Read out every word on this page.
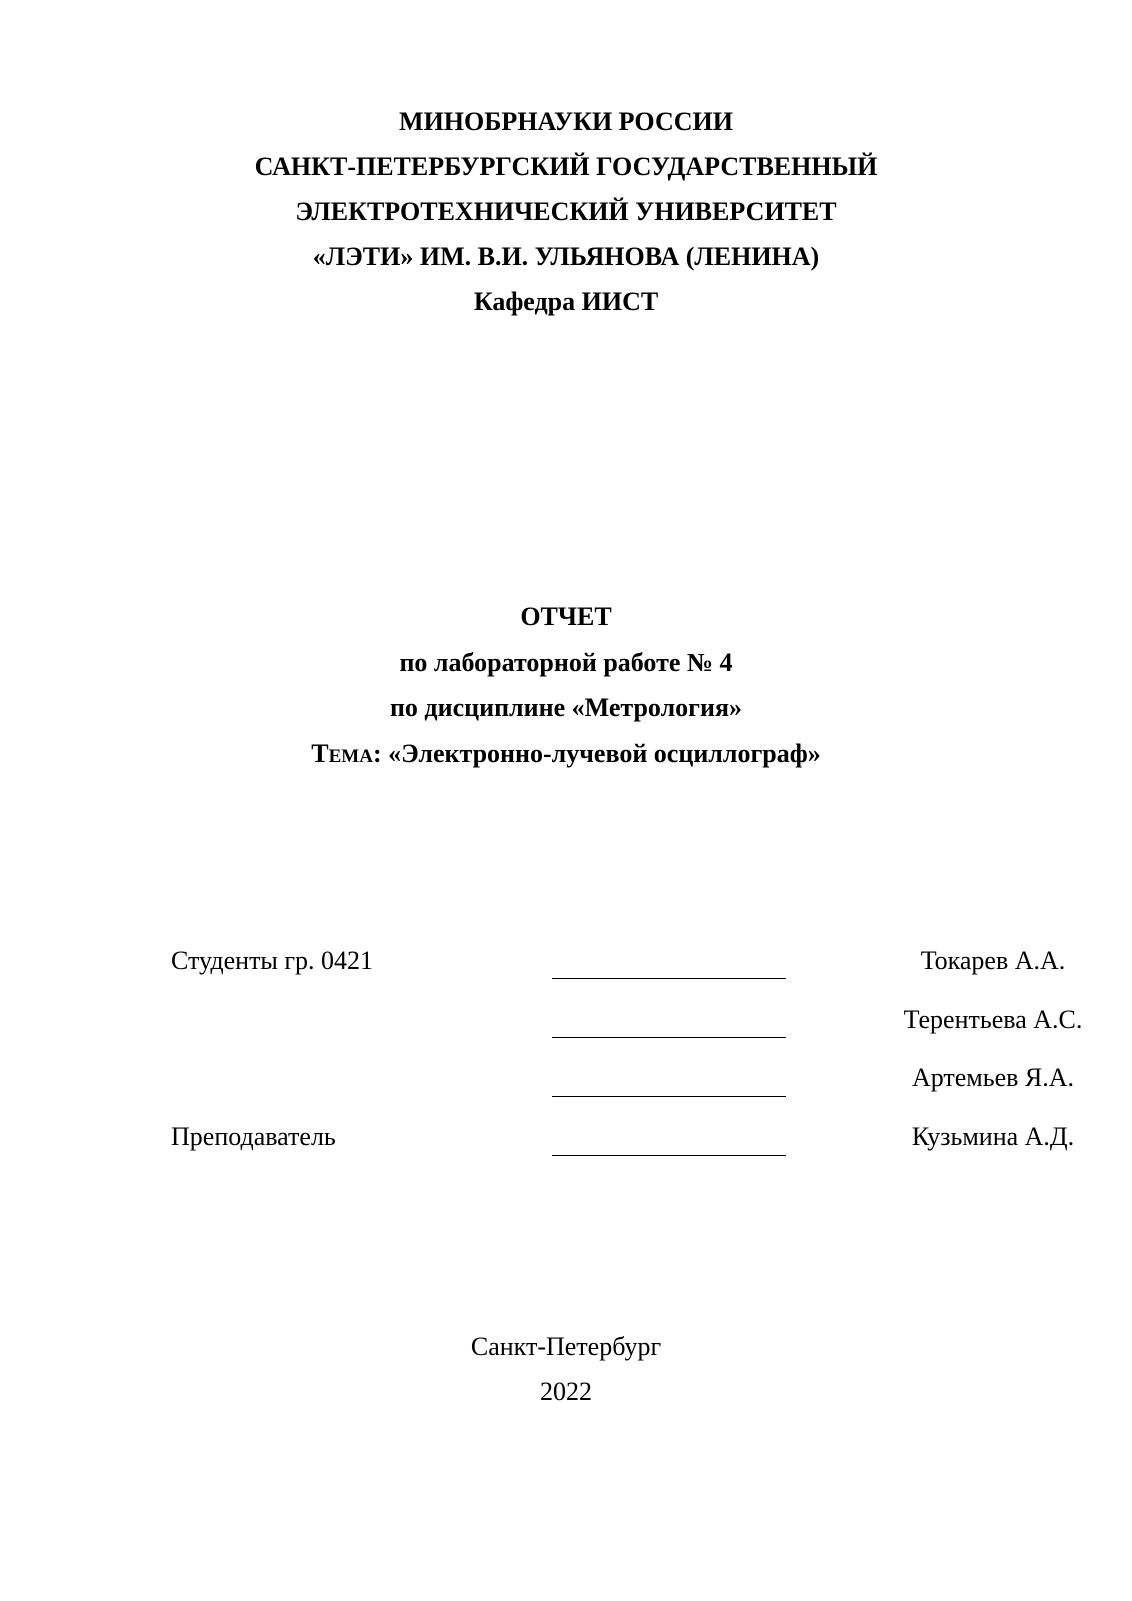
МИНОБРНАУКИ РОССИИ
САНКТ-ПЕТЕРБУРГСКИЙ ГОСУДАРСТВЕННЫЙ
ЭЛЕКТРОТЕХНИЧЕСКИЙ УНИВЕРСИТЕТ
«ЛЭТИ» ИМ. В.И. УЛЬЯНОВА (ЛЕНИНА)
Кафедра ИИСТ
ОТЧЕТ
по лабораторной работе № 4
по дисциплине «Метрология»
ТЕМА: «Электронно-лучевой осциллограф»
Студенты гр. 0421	Токарев А.А.
Терентьева А.С.
Артемьев Я.А.
Преподаватель	Кузьмина А.Д.
Санкт-Петербург
2022
